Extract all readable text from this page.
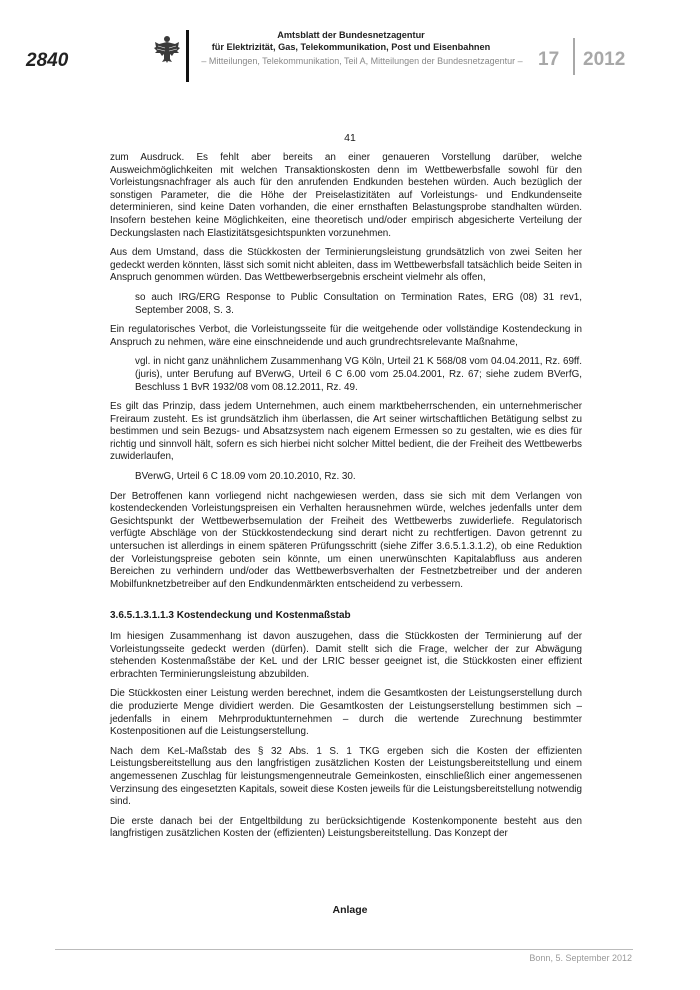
2840
Amtsblatt der Bundesnetzagentur
für Elektrizität, Gas, Telekommunikation, Post und Eisenbahnen
– Mitteilungen, Telekommunikation, Teil A, Mitteilungen der Bundesnetzagentur – 17 2012
41

zum Ausdruck. Es fehlt aber bereits an einer genaueren Vorstellung darüber, welche Ausweichmöglichkeiten mit welchen Transaktionskosten denn im Wettbewerbsfalle sowohl für den Vorleistungsnachfrager als auch für den anrufenden Endkunden bestehen würden. Auch bezüglich der sonstigen Parameter, die die Höhe der Preiselastizitäten auf Vorleistungs- und Endkundenseite determinieren, sind keine Daten vorhanden, die einer ernsthaften Belastungsprobe standhalten würden. Insofern bestehen keine Möglichkeiten, eine theoretisch und/oder empirisch abgesicherte Verteilung der Deckungslasten nach Elastizitätsgesichtspunkten vorzunehmen.

Aus dem Umstand, dass die Stückkosten der Terminierungsleistung grundsätzlich von zwei Seiten her gedeckt werden könnten, lässt sich somit nicht ableiten, dass im Wettbewerbsfall tatsächlich beide Seiten in Anspruch genommen würden. Das Wettbewerbsergebnis erscheint vielmehr als offen,

so auch IRG/ERG Response to Public Consultation on Termination Rates, ERG (08) 31 rev1, September 2008, S. 3.

Ein regulatorisches Verbot, die Vorleistungsseite für die weitgehende oder vollständige Kostendeckung in Anspruch zu nehmen, wäre eine einschneidende und auch grundrechtsrelevante Maßnahme,

vgl. in nicht ganz unähnlichem Zusammenhang VG Köln, Urteil 21 K 568/08 vom 04.04.2011, Rz. 69ff. (juris), unter Berufung auf BVerwG, Urteil 6 C 6.00 vom 25.04.2001, Rz. 67; siehe zudem BVerfG, Beschluss 1 BvR 1932/08 vom 08.12.2011, Rz. 49.

Es gilt das Prinzip, dass jedem Unternehmen, auch einem marktbeherrschenden, ein unternehmerischer Freiraum zusteht. Es ist grundsätzlich ihm überlassen, die Art seiner wirtschaftlichen Betätigung selbst zu bestimmen und sein Bezugs- und Absatzsystem nach eigenem Ermessen so zu gestalten, wie es dies für richtig und sinnvoll hält, sofern es sich hierbei nicht solcher Mittel bedient, die der Freiheit des Wettbewerbs zuwiderlaufen,

BVerwG, Urteil 6 C 18.09 vom 20.10.2010, Rz. 30.

Der Betroffenen kann vorliegend nicht nachgewiesen werden, dass sie sich mit dem Verlangen von kostendeckenden Vorleistungspreisen ein Verhalten herausnehmen würde, welches jedenfalls unter dem Gesichtspunkt der Wettbewerbsemulation der Freiheit des Wettbewerbs zuwiderliefe. Regulatorisch verfügte Abschläge von der Stückkostendeckung sind derart nicht zu rechtfertigen. Davon getrennt zu untersuchen ist allerdings in einem späteren Prüfungsschritt (siehe Ziffer 3.6.5.1.3.1.2), ob eine Reduktion der Vorleistungspreise geboten sein könnte, um einen unerwünschten Kapitalabfluss aus anderen Bereichen zu verhindern und/oder das Wettbewerbsverhalten der Festnetzbetreiber und der anderen Mobilfunknetzbetreiber auf den Endkundenmärkten entscheidend zu verbessern.

3.6.5.1.3.1.1.3 Kostendeckung und Kostenmaßstab

Im hiesigen Zusammenhang ist davon auszugehen, dass die Stückkosten der Terminierung auf der Vorleistungsseite gedeckt werden (dürfen). Damit stellt sich die Frage, welcher der zur Abwägung stehenden Kostenmaßstäbe der KeL und der LRIC besser geeignet ist, die Stückkosten einer effizient erbrachten Terminierungsleistung abzubilden.

Die Stückkosten einer Leistung werden berechnet, indem die Gesamtkosten der Leistungserstellung durch die produzierte Menge dividiert werden. Die Gesamtkosten der Leistungserstellung bestimmen sich – jedenfalls in einem Mehrproduktunternehmen – durch die wertende Zurechnung bestimmter Kostenpositionen auf die Leistungserstellung.

Nach dem KeL-Maßstab des § 32 Abs. 1 S. 1 TKG ergeben sich die Kosten der effizienten Leistungsbereitstellung aus den langfristigen zusätzlichen Kosten der Leistungsbereitstellung und einem angemessenen Zuschlag für leistungsmengenneutrale Gemeinkosten, einschließlich einer angemessenen Verzinsung des eingesetzten Kapitals, soweit diese Kosten jeweils für die Leistungsbereitstellung notwendig sind.

Die erste danach bei der Entgeltbildung zu berücksichtigende Kostenkomponente besteht aus den langfristigen zusätzlichen Kosten der (effizienten) Leistungsbereitstellung. Das Konzept der

Anlage
Bonn, 5. September 2012
